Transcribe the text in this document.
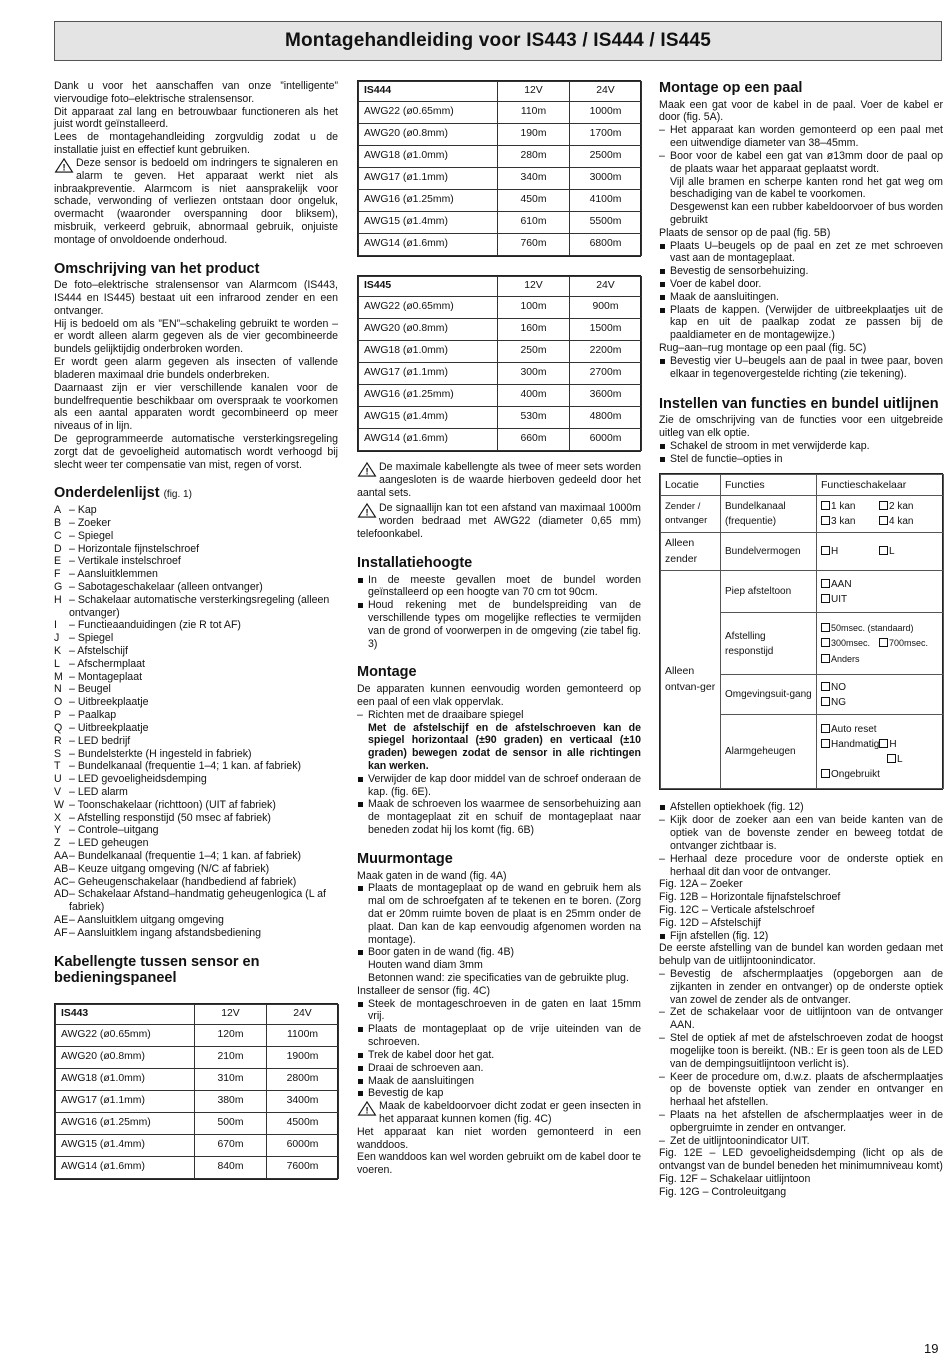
Montagehandleiding voor IS443 / IS444 / IS445

Dank u voor het aanschaffen van onze ”intelligente” viervoudige foto–elektrische stralensensor.

Dit apparaat zal lang en betrouwbaar functioneren als het juist wordt geïnstalleerd.

Lees de montagehandleiding zorgvuldig zodat u de installatie juist en effectief kunt gebruiken.

! Deze sensor is bedoeld om indringers te signaleren en alarm te geven. Het apparaat werkt niet als inbraakpreventie. Alarmcom is niet aansprakelijk voor schade, verwonding of verliezen ontstaan door ongeluk, overmacht (waaronder overspanning door bliksem), misbruik, verkeerd gebruik, abnormaal gebruik, onjuiste montage of onvoldoende onderhoud.

Omschrijving van het product

De foto–elektrische stralensensor van Alarmcom (IS443, IS444 en IS445) bestaat uit een infrarood zender en een ontvanger.

Hij is bedoeld om als ”EN”–schakeling gebruikt te worden – er wordt alleen alarm gegeven als de vier gecombineerde bundels gelijktijdig onderbroken worden.

Er wordt geen alarm gegeven als insecten of vallende bladeren maximaal drie bundels onderbreken.

Daarnaast zijn er vier verschillende kanalen voor de bundelfrequentie beschikbaar om overspraak te voorkomen als een aantal apparaten wordt gecombineerd op meer niveaus of in lijn.

De geprogrammeerde automatische versterkingsregeling zorgt dat de gevoeligheid automatisch wordt verhoogd bij slecht weer ter compensatie van mist, regen of vorst.

Onderdelenlijst (fig. 1)
A – Kap
B – Zoeker
C – Spiegel
D – Horizontale fijnstelschroef
E – Vertikale instelschroef
F – Aansluitklemmen
G – Sabotageschakelaar (alleen ontvanger)
H – Schakelaar automatische versterkingsregeling (alleen ontvanger)
I	– Functieaanduidingen (zie R tot AF)
J – Spiegel
K – Afstelschijf
L – Afschermplaat
M – Montageplaat
N – Beugel
O – Uitbreekplaatje
P – Paalkap
Q – Uitbreekplaatje
R – LED bedrijf
S – Bundelsterkte (H ingesteld in fabriek)
T – Bundelkanaal (frequentie 1–4; 1 kan. af fabriek)
U – LED gevoeligheidsdemping
V – LED alarm
W – Toonschakelaar (richttoon) (UIT af fabriek)
X – Afstelling responstijd (50 msec af fabriek)
Y – Controle–uitgang
Z – LED geheugen
AA – Bundelkanaal (frequentie 1–4; 1 kan. af fabriek)
AB – Keuze uitgang omgeving (N/C af fabriek)
AC – Geheugenschakelaar (handbediend af fabriek)
AD – Schakelaar Afstand–handmatig geheugenlogica (L af fabriek)
AE – Aansluitklem uitgang omgeving
AF – Aansluitklem ingang afstandsbediening
Kabellengte tussen sensor en bedieningspaneel
IS443	12V	24V
AWG22 (ø0.65mm)	120m	1100m
AWG20 (ø0.8mm)	210m	1900m
AWG18 (ø1.0mm)	310m	2800m
AWG17 (ø1.1mm)	380m	3400m
AWG16 (ø1.25mm)	500m	4500m
AWG15 (ø1.4mm)	670m	6000m
AWG14 (ø1.6mm)	840m	7600m
IS444	12V	24V
AWG22 (ø0.65mm)	110m	1000m
AWG20 (ø0.8mm)	190m	1700m
AWG18 (ø1.0mm)	280m	2500m
AWG17 (ø1.1mm)	340m	3000m
AWG16 (ø1.25mm)	450m	4100m
AWG15 (ø1.4mm)	610m	5500m
AWG14 (ø1.6mm)	760m	6800m
IS445	12V	24V
AWG22 (ø0.65mm)	100m	900m
AWG20 (ø0.8mm)	160m	1500m
AWG18 (ø1.0mm)	250m	2200m
AWG17 (ø1.1mm)	300m	2700m
AWG16 (ø1.25mm)	400m	3600m
AWG15 (ø1.4mm)	530m	4800m
AWG14 (ø1.6mm)	660m	6000m

! De maximale kabellengte als twee of meer sets worden aangesloten is de waarde hierboven gedeeld door het aantal sets.

! De signaallijn kan tot een afstand van maximaal 1000m worden bedraad met AWG22 (diameter 0,65 mm) telefoonkabel.

Installatiehoogte
In de meeste gevallen moet de bundel worden geïnstalleerd op een hoogte van 70 cm tot 90cm.
Houd rekening met de bundelspreiding van de verschillende types om mogelijke reflecties te vermijden van de grond of voorwerpen in de omgeving (zie tabel fig. 3)
Montage

De apparaten kunnen eenvoudig worden gemonteerd op een paal of een vlak oppervlak.

– Richten met de draaibare spiegel

Met de afstelschijf en de afstelschroeven kan de spiegel horizontaal (±90 graden) en verticaal (±10 graden) bewegen zodat de sensor in alle richtingen kan werken.

Verwijder de kap door middel van de schroef onderaan de kap. (fig. 6E).
Maak de schroeven los waarmee de sensorbehuizing aan de montageplaat zit en schuif de montageplaat naar beneden zodat hij los komt (fig. 6B)
Muurmontage

Maak gaten in de wand (fig. 4A)

Plaats de montageplaat op de wand en gebruik hem als mal om de schroefgaten af te tekenen en te boren. (Zorg dat er 20mm ruimte boven de plaat is en 25mm onder de plaat. Dan kan de kap eenvoudig afgenomen worden na montage).
Boor gaten in de wand (fig. 4B)
Houten wand diam 3mm
Betonnen wand: zie specificaties van de gebruikte plug.

Installeer de sensor (fig. 4C)

Steek de montageschroeven in de gaten en laat 15mm vrij.
Plaats de montageplaat op de vrije uiteinden van de schroeven.
Trek de kabel door het gat.
Draai de schroeven aan.
Maak de aansluitingen
Bevestig de kap

! Maak de kabeldoorvoer dicht zodat er geen insecten in het apparaat kunnen komen (fig. 4C)

Het apparaat kan niet worden gemonteerd in een wanddoos.

Een wanddoos kan wel worden gebruikt om de kabel door te voeren.

Montage op een paal

Maak een gat voor de kabel in de paal. Voer de kabel er door (fig. 5A).

– Het apparaat kan worden gemonteerd op een paal met een uitwendige diameter van 38–45mm.
– Boor voor de kabel een gat van ø13mm door de paal op de plaats waar het apparaat geplaatst wordt.
Vijl alle bramen en scherpe kanten rond het gat weg om beschadiging van de kabel te voorkomen.
Desgewenst kan een rubber kabeldoorvoer of bus worden gebruikt

Plaats de sensor op de paal (fig. 5B)

Plaats U–beugels op de paal en zet ze met schroeven vast aan de montageplaat.
Bevestig de sensorbehuizing.
Voer de kabel door.
Maak de aansluitingen.
Plaats de kappen. (Verwijder de uitbreekplaatjes uit de kap en uit de paalkap zodat ze passen bij de paaldiameter en de montagewijze.)

Rug–aan–rug montage op een paal (fig. 5C)

Bevestig vier U–beugels aan de paal in twee paar, boven elkaar in tegenovergestelde richting (zie tekening).
Instellen van functies en bundel uitlijnen

Zie de omschrijving van de functies voor een uitgebreide uitleg van elk optie.

Schakel de stroom in met verwijderde kap.
Stel de functie–opties in
Locatie	Functies	Functieschakelaar
Zender / ontvanger	Bundelkanaal (frequentie)	1 kan 2 kan
3 kan 4 kan
Alleen zender	Bundelvermogen	H L
Alleen ontvan-ger	Piep afsteltoon	AAN
UIT
	Afstelling responstijd	50msec. (standaard)
300msec. 700msec.
Anders
	Omgevingsuit-gang	NO
NG
	Alarmgeheugen	Auto reset
Handmatig H
L
Ongebruikt
Afstellen optiekhoek (fig. 12)
– Kijk door de zoeker aan een van beide kanten van de optiek van de bovenste zender en beweeg totdat de ontvanger zichtbaar is.
– Herhaal deze procedure voor de onderste optiek en herhaal dit dan voor de ontvanger.

Fig. 12A – Zoeker

Fig. 12B – Horizontale fijnafstelschroef

Fig. 12C – Verticale afstelschroef

Fig. 12D – Afstelschijf

Fijn afstellen (fig. 12)

De eerste afstelling van de bundel kan worden gedaan met behulp van de uitlijntoonindicator.

– Bevestig de afschermplaatjes (opgeborgen aan de zijkanten in zender en ontvanger) op de onderste optiek van zowel de zender als de ontvanger.
– Zet de schakelaar voor de uitlijntoon van de ontvanger AAN.
– Stel de optiek af met de afstelschroeven zodat de hoogst mogelijke toon is bereikt. (NB.: Er is geen toon als de LED van de dempingsuitlijntoon verlicht is).
– Keer de procedure om, d.w.z. plaats de afschermplaatjes op de bovenste optiek van zender en ontvanger en herhaal het afstellen.
– Plaats na het afstellen de afschermplaatjes weer in de opbergruimte in zender en ontvanger.
– Zet de uitlijntoonindicator UIT.

Fig. 12E – LED gevoeligheidsdemping (licht op als de ontvangst van de bundel beneden het minimumniveau komt)

Fig. 12F – Schakelaar uitlijntoon

Fig. 12G – Controleuitgang

19
